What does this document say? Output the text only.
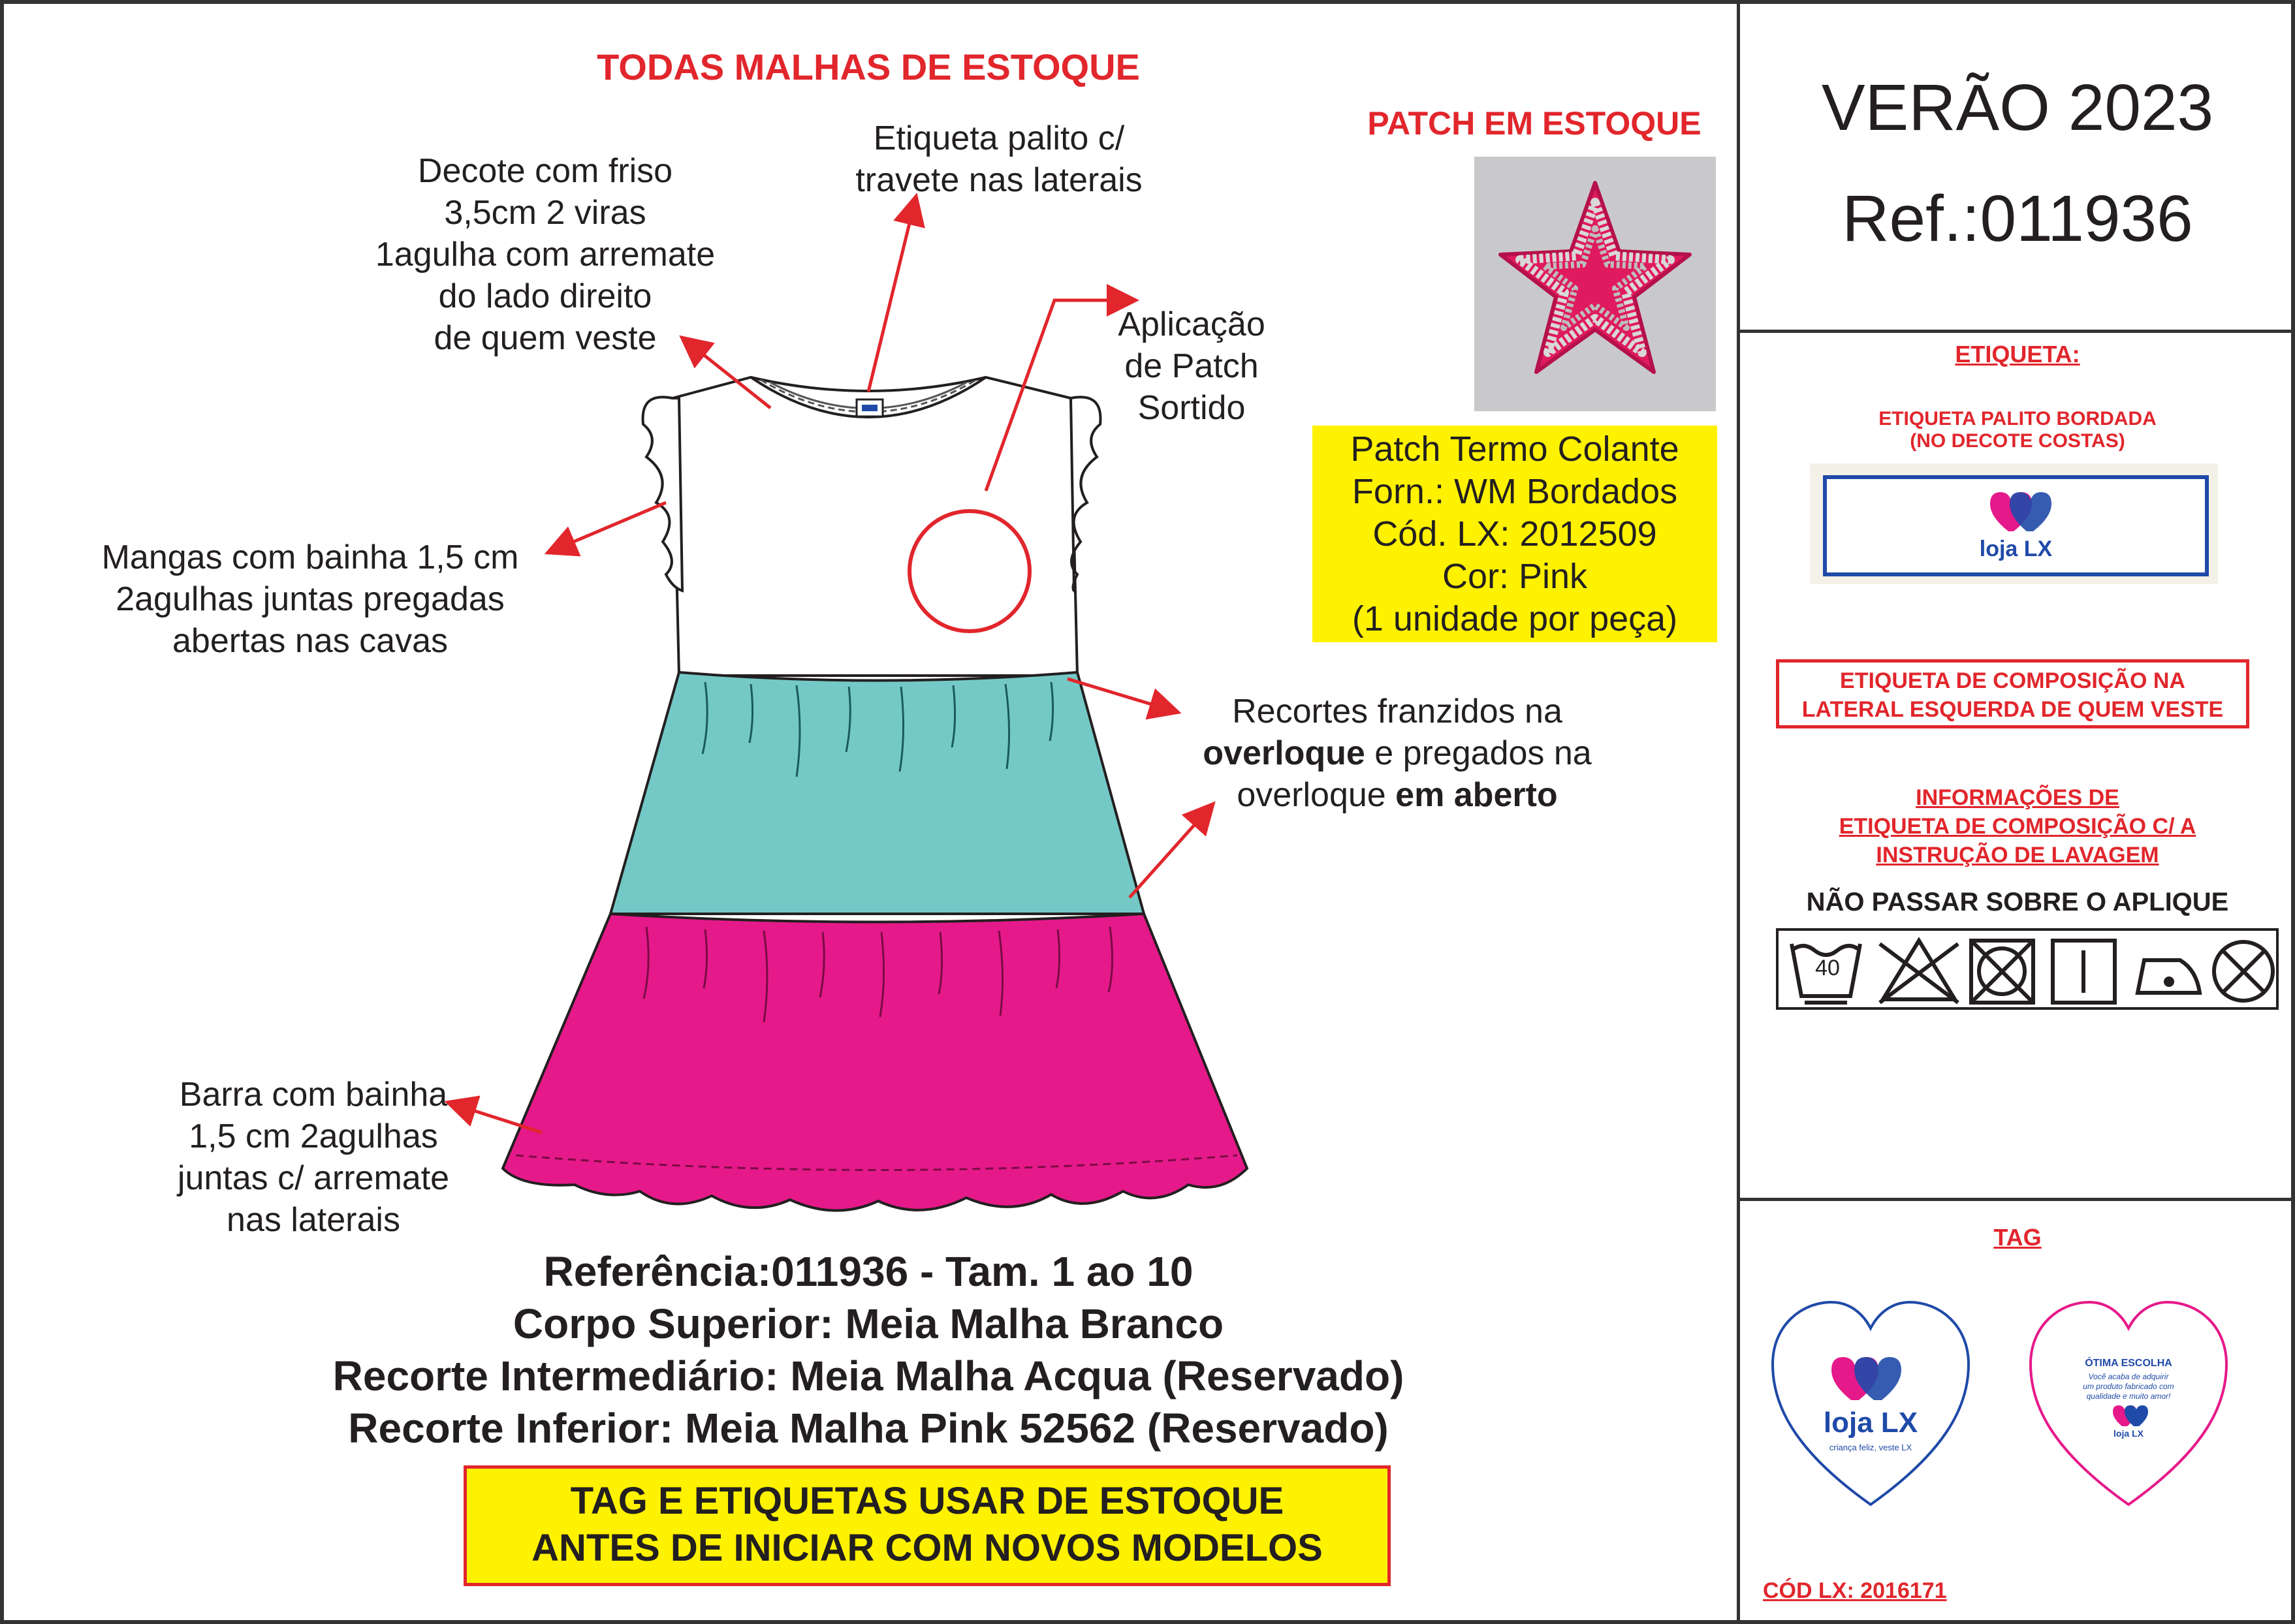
TODAS MALHAS DE ESTOQUE
PATCH EM ESTOQUE
Patch Termo Colante
Forn.: WM Bordados
Cód. LX: 2012509
Cor: Pink
(1 unidade por peça)
Etiqueta palito c/
travete nas laterais
Decote com friso
3,5cm 2 viras
1agulha com arremate
do lado direito
de quem veste	Aplicação
de Patch
Sortido
Mangas com bainha 1,5 cm
2agulhas juntas pregadas
abertas nas cavas
Recortes franzidos na
overloque e pregados na
overloque em aberto
Barra com bainha
1,5 cm 2agulhas
juntas c/ arremate
nas laterais
Referência:011936 - Tam. 1 ao 10
Corpo Superior: Meia Malha Branco
Recorte Intermediário: Meia Malha Acqua (Reservado)
Recorte Inferior: Meia Malha Pink 52562 (Reservado)
TAG E ETIQUETAS USAR DE ESTOQUE
ANTES DE INICIAR COM NOVOS MODELOS
VERÃO 2023
Ref.:011936
ETIQUETA:
ETIQUETA PALITO BORDADA
(NO DECOTE COSTAS)
loja LX
ETIQUETA DE COMPOSIÇÃO NA
LATERAL ESQUERDA DE QUEM VESTE
INFORMAÇÕES DE
ETIQUETA DE COMPOSIÇÃO C/ A
INSTRUÇÃO DE LAVAGEM
NÃO PASSAR SOBRE O APLIQUE
40
TAG
loja LX
criança feliz, veste LX
ÓTIMA ESCOLHA
Você acaba de adquirir
um produto fabricado com
qualidade e muito amor!
loja LX
CÓD LX: 2016171
